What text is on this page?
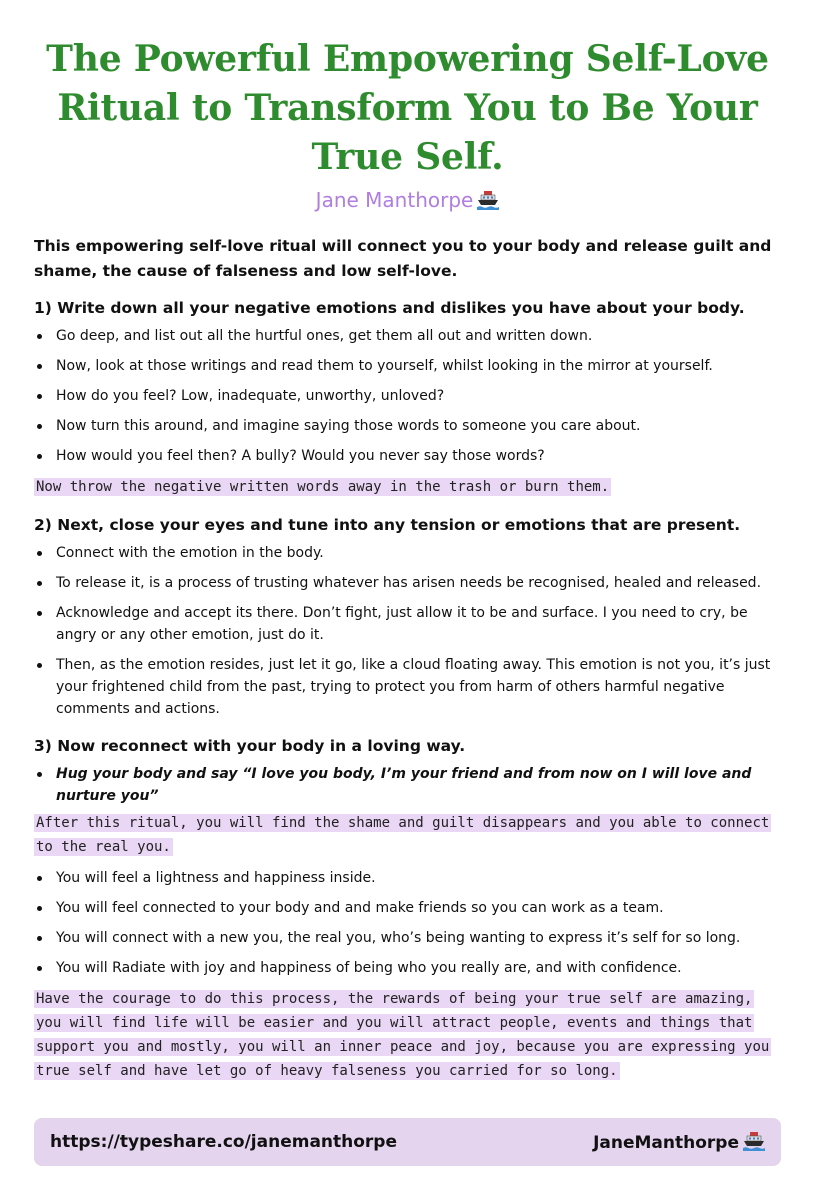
The Powerful Empowering Self-Love Ritual to Transform You to Be Your True Self.
Jane Manthorpe

This empowering self-love ritual will connect you to your body and release guilt and shame, the cause of falseness and low self-love.

1) Write down all your negative emotions and dislikes you have about your body.
Go deep, and list out all the hurtful ones, get them all out and written down.
Now, look at those writings and read them to yourself, whilst looking in the mirror at yourself.
How do you feel? Low, inadequate, unworthy, unloved?
Now turn this around, and imagine saying those words to someone you care about.
How would you feel then? A bully? Would you never say those words?

Now throw the negative written words away in the trash or burn them.

2) Next, close your eyes and tune into any tension or emotions that are present.
Connect with the emotion in the body.
To release it, is a process of trusting whatever has arisen needs be recognised, healed and released.
Acknowledge and accept its there. Don’t fight, just allow it to be and surface. I you need to cry, be angry or any other emotion, just do it.
Then, as the emotion resides, just let it go, like a cloud floating away. This emotion is not you, it’s just your frightened child from the past, trying to protect you from harm of others harmful negative comments and actions.
3) Now reconnect with your body in a loving way.
Hug your body and say “I love you body, I’m your friend and from now on I will love and nurture you”

After this ritual, you will find the shame and guilt disappears and you able to connect to the real you.

You will feel a lightness and happiness inside.
You will feel connected to your body and and make friends so you can work as a team.
You will connect with a new you, the real you, who’s being wanting to express it’s self for so long.
You will Radiate with joy and happiness of being who you really are, and with confidence.

Have the courage to do this process, the rewards of being your true self are amazing, you will find life will be easier and you will attract people, events and things that support you and mostly, you will an inner peace and joy, because you are expressing you true self and have let go of heavy falseness you carried for so long.

https://typeshare.co/janemanthorpe	JaneManthorpe
